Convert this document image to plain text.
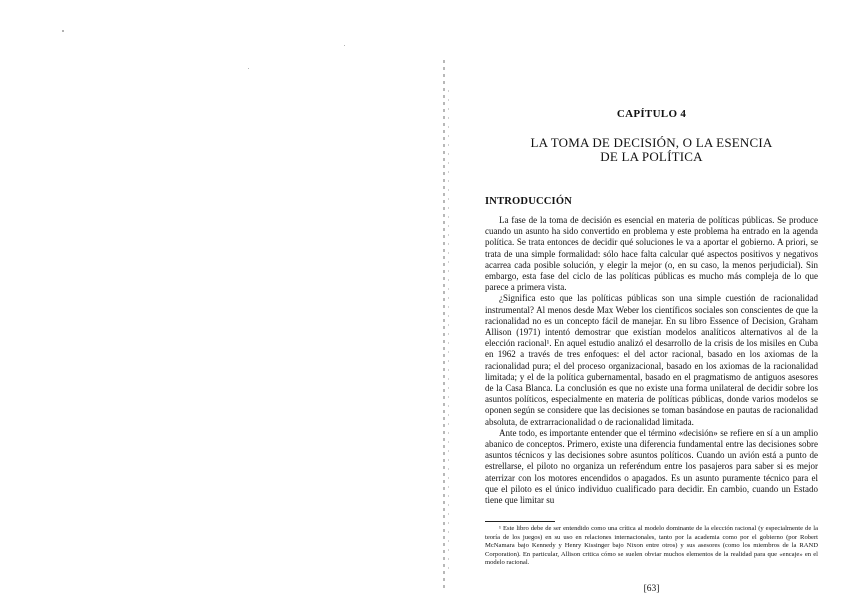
CAPÍTULO 4

LA TOMA DE DECISIÓN, O LA ESENCIA
DE LA POLÍTICA
INTRODUCCIÓN

La fase de la toma de decisión es esencial en materia de políticas públicas. Se produce cuando un asunto ha sido convertido en problema y este problema ha entrado en la agenda política. Se trata entonces de decidir qué soluciones le va a aportar el gobierno. A priori, se trata de una simple formalidad: sólo hace falta calcular qué aspectos positivos y negativos acarrea cada posible solución, y elegir la mejor (o, en su caso, la menos perjudicial). Sin embargo, esta fase del ciclo de las políticas públicas es mucho más compleja de lo que parece a primera vista.

¿Significa esto que las políticas públicas son una simple cuestión de racionalidad instrumental? Al menos desde Max Weber los científicos sociales son conscientes de que la racionalidad no es un concepto fácil de manejar. En su libro Essence of Decision, Graham Allison (1971) intentó demostrar que existían modelos analíticos alternativos al de la elección racional¹. En aquel estudio analizó el desarrollo de la crisis de los misiles en Cuba en 1962 a través de tres enfoques: el del actor racional, basado en los axiomas de la racionalidad pura; el del proceso organizacional, basado en los axiomas de la racionalidad limitada; y el de la política gubernamental, basado en el pragmatismo de antiguos asesores de la Casa Blanca. La conclusión es que no existe una forma unilateral de decidir sobre los asuntos políticos, especialmente en materia de políticas públicas, donde varios modelos se oponen según se considere que las decisiones se toman basándose en pautas de racionalidad absoluta, de extrarracionalidad o de racionalidad limitada.

Ante todo, es importante entender que el término «decisión» se refiere en sí a un amplio abanico de conceptos. Primero, existe una diferencia fundamental entre las decisiones sobre asuntos técnicos y las decisiones sobre asuntos políticos. Cuando un avión está a punto de estrellarse, el piloto no organiza un referéndum entre los pasajeros para saber si es mejor aterrizar con los motores encendidos o apagados. Es un asunto puramente técnico para el que el piloto es el único individuo cualificado para decidir. En cambio, cuando un Estado tiene que limitar su

¹ Este libro debe de ser entendido como una crítica al modelo dominante de la elección racional (y especialmente de la teoría de los juegos) en su uso en relaciones internacionales, tanto por la academia como por el gobierno (por Robert McNamara bajo Kennedy y Henry Kissinger bajo Nixon entre otros) y sus asesores (como los miembros de la RAND Corporation). En particular, Allison critica cómo se suelen obviar muchos elementos de la realidad para que «encaje» en el modelo racional.

[63]
